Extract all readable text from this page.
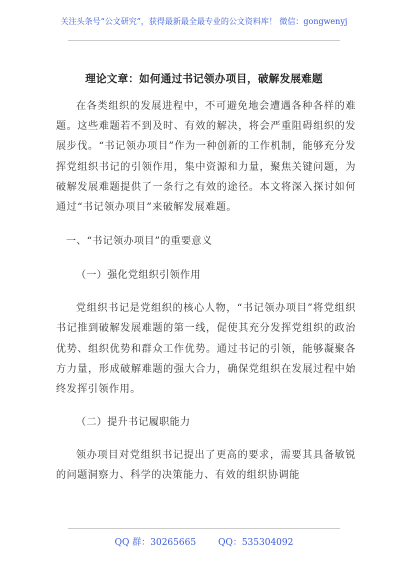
关注头条号“公文研究”，获得最新最全最专业的公文资料库！ 微信：gongwenyj
理论文章：如何通过书记领办项目，破解发展难题

在各类组织的发展进程中，不可避免地会遭遇各种各样的难题。这些难题若不到及时、有效的解决，将会严重阻碍组织的发展步伐。“书记领办项目”作为一种创新的工作机制，能够充分发挥党组织书记的引领作用，集中资源和力量，聚焦关键问题，为破解发展难题提供了一条行之有效的途径。本文将深入探讨如何通过“书记领办项目”来破解发展难题。

一、“书记领办项目”的重要意义

（一）强化党组织引领作用

党组织书记是党组织的核心人物，“书记领办项目”将党组织书记推到破解发展难题的第一线，促使其充分发挥党组织的政治优势、组织优势和群众工作优势。通过书记的引领，能够凝聚各方力量，形成破解难题的强大合力，确保党组织在发展过程中始终发挥引领作用。

（二）提升书记履职能力

领办项目对党组织书记提出了更高的要求，需要其具备敏锐的问题洞察力、科学的决策能力、有效的组织协调能

QQ 群：30265665 QQ：535304092
